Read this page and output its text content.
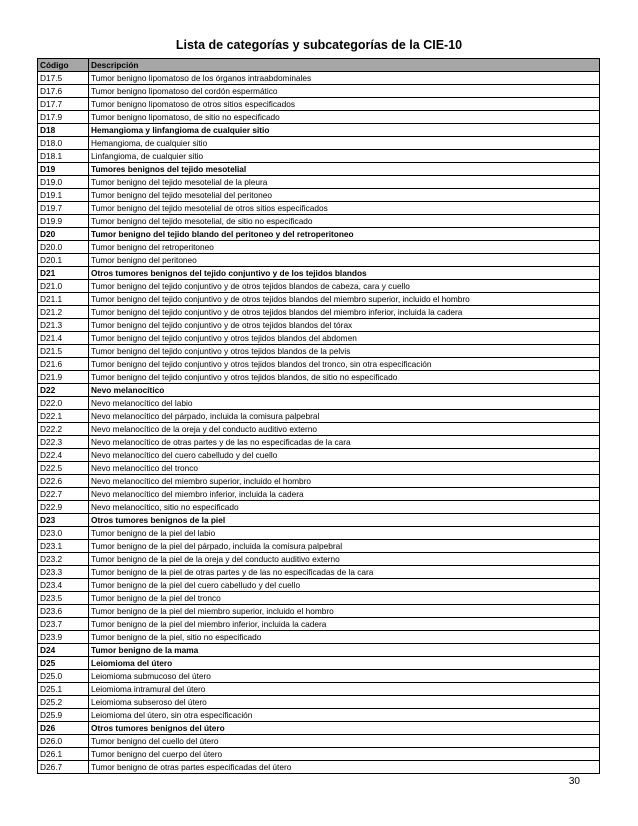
Lista de categorías y subcategorías de la CIE-10
Código	Descripción
D17.5	Tumor benigno lipomatoso de los órganos intraabdominales
D17.6	Tumor benigno lipomatoso del cordón espermático
D17.7	Tumor benigno lipomatoso de otros sitios especificados
D17.9	Tumor benigno lipomatoso, de sitio no especificado
D18	Hemangioma y linfangioma de cualquier sitio
D18.0	Hemangioma, de cualquier sitio
D18.1	Linfangioma, de cualquier sitio
D19	Tumores benignos del tejido mesotelial
D19.0	Tumor benigno del tejido mesotelial de la pleura
D19.1	Tumor benigno del tejido mesotelial del peritoneo
D19.7	Tumor benigno del tejido mesotelial de otros sitios especificados
D19.9	Tumor benigno del tejido mesotelial, de sitio no especificado
D20	Tumor benigno del tejido blando del peritoneo y del retroperitoneo
D20.0	Tumor benigno del retroperitoneo
D20.1	Tumor benigno del peritoneo
D21	Otros tumores benignos del tejido conjuntivo y de los tejidos blandos
D21.0	Tumor benigno del tejido conjuntivo y de otros tejidos blandos de cabeza, cara y cuello
D21.1	Tumor benigno del tejido conjuntivo y de otros tejidos blandos del miembro superior, incluido el hombro
D21.2	Tumor benigno del tejido conjuntivo y de otros tejidos blandos del miembro inferior, incluida la cadera
D21.3	Tumor benigno del tejido conjuntivo y de otros tejidos blandos del tórax
D21.4	Tumor benigno del tejido conjuntivo y otros tejidos blandos del abdomen
D21.5	Tumor benigno del tejido conjuntivo y otros tejidos blandos de la pelvis
D21.6	Tumor benigno del tejido conjuntivo y otros tejidos blandos del tronco, sin otra especificación
D21.9	Tumor benigno del tejido conjuntivo y otros tejidos blandos, de sitio no especificado
D22	Nevo melanocítico
D22.0	Nevo melanocítico del labio
D22.1	Nevo melanocítico del párpado, incluida la comisura palpebral
D22.2	Nevo melanocítico de la oreja y del conducto auditivo externo
D22.3	Nevo melanocítico de otras partes y de las no especificadas de la cara
D22.4	Nevo melanocítico del cuero cabelludo y del cuello
D22.5	Nevo melanocítico del tronco
D22.6	Nevo melanocítico del miembro superior, incluido el hombro
D22.7	Nevo melanocítico del miembro inferior, incluida la cadera
D22.9	Nevo melanocítico, sitio no especificado
D23	Otros tumores benignos de la piel
D23.0	Tumor benigno de la piel del labio
D23.1	Tumor benigno de la piel del párpado, incluida la comisura palpebral
D23.2	Tumor benigno de la piel de la oreja y del conducto auditivo externo
D23.3	Tumor benigno de la piel de otras partes y de las no especificadas de la cara
D23.4	Tumor benigno de la piel del cuero cabelludo y del cuello
D23.5	Tumor benigno de la piel del tronco
D23.6	Tumor benigno de la piel del miembro superior, incluido el hombro
D23.7	Tumor benigno de la piel del miembro inferior, incluida la cadera
D23.9	Tumor benigno de la piel, sitio no especificado
D24	Tumor benigno de la mama
D25	Leiomioma del útero
D25.0	Leiomioma submucoso del útero
D25.1	Leiomioma intramural del útero
D25.2	Leiomioma subseroso del útero
D25.9	Leiomioma del útero, sin otra especificación
D26	Otros tumores benignos del útero
D26.0	Tumor benigno del cuello del útero
D26.1	Tumor benigno del cuerpo del útero
D26.7	Tumor benigno de otras partes especificadas del útero
30
